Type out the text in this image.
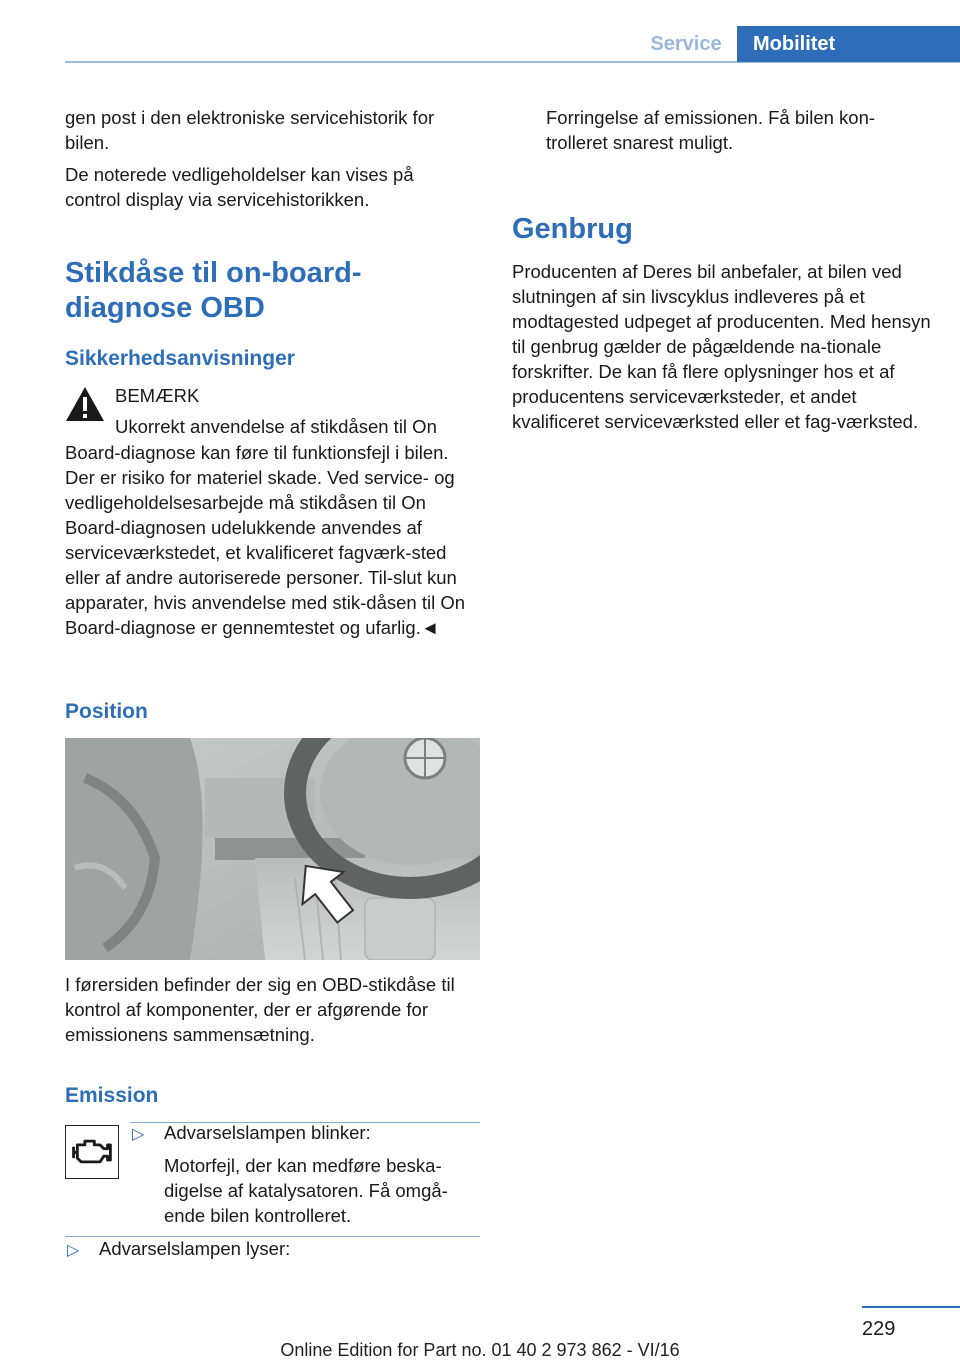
Service	Mobilitet

gen post i den elektroniske servicehistorik for bilen.

De noterede vedligeholdelser kan vises på control display via servicehistorikken.

Stikdåse til on-board-
diagnose OBD
Sikkerhedsanvisninger

BEMÆRK

Ukorrekt anvendelse af stikdåsen til On

Board-diagnose kan føre til funktionsfejl i bilen. Der er risiko for materiel skade. Ved service- og vedligeholdelsesarbejde må stikdåsen til On Board-diagnosen udelukkende anvendes af serviceværkstedet, et kvalificeret fagværk-sted eller af andre autoriserede personer. Til-slut kun apparater, hvis anvendelse med stik-dåsen til On Board-diagnose er gennemtestet og ufarlig.◄

Position

I førersiden befinder der sig en OBD-stikdåse til kontrol af komponenter, der er afgørende for emissionens sammensætning.

Emission
▷ Advarselslampen blinker:

Motorfejl, der kan medføre beska-digelse af katalysatoren. Få omgå-ende bilen kontrolleret.

▷ Advarselslampen lyser:

Forringelse af emissionen. Få bilen kon-trolleret snarest muligt.

Genbrug

Producenten af Deres bil anbefaler, at bilen ved slutningen af sin livscyklus indleveres på et modtagested udpeget af producenten. Med hensyn til genbrug gælder de pågældende na-tionale forskrifter. De kan få flere oplysninger hos et af producentens serviceværksteder, et andet kvalificeret serviceværksted eller et fag-værksted.

229
Online Edition for Part no. 01 40 2 973 862 - VI/16
